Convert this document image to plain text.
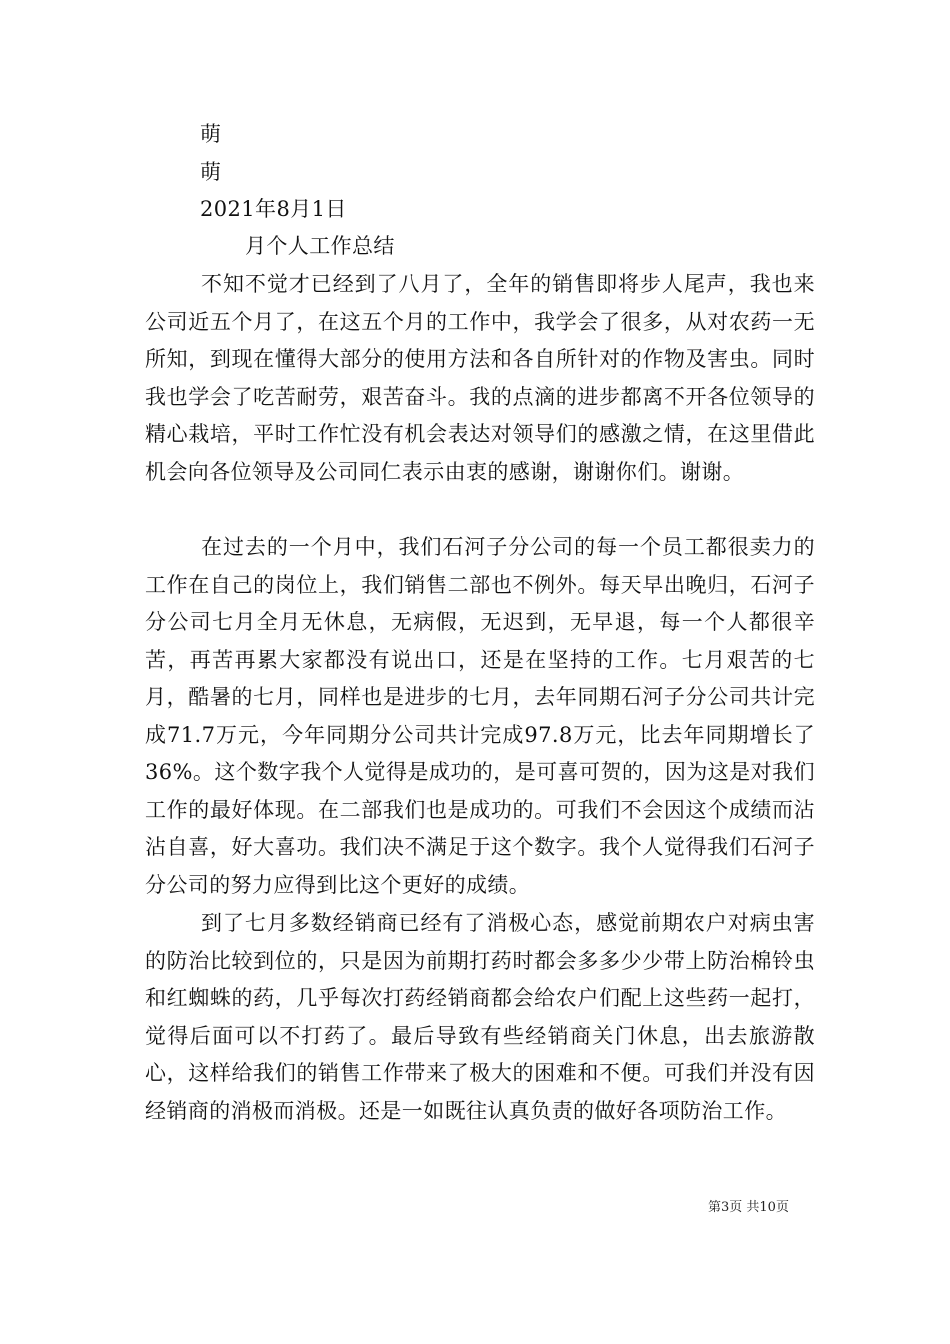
萌
萌
2021年8月1日
月个人工作总结

不知不觉才已经到了八月了，全年的销售即将步人尾声，我也来公司近五个月了，在这五个月的工作中，我学会了很多，从对农药一无所知，到现在懂得大部分的使用方法和各自所针对的作物及害虫。同时我也学会了吃苦耐劳，艰苦奋斗。我的点滴的进步都离不开各位领导的精心栽培，平时工作忙没有机会表达对领导们的感激之情，在这里借此机会向各位领导及公司同仁表示由衷的感谢，谢谢你们。谢谢。

在过去的一个月中，我们石河子分公司的每一个员工都很卖力的工作在自己的岗位上，我们销售二部也不例外。每天早出晚归，石河子分公司七月全月无休息，无病假，无迟到，无早退，每一个人都很辛苦，再苦再累大家都没有说出口，还是在坚持的工作。七月艰苦的七月，酷暑的七月，同样也是进步的七月，去年同期石河子分公司共计完成71.7万元，今年同期分公司共计完成97.8万元，比去年同期增长了36%。这个数字我个人觉得是成功的，是可喜可贺的，因为这是对我们工作的最好体现。在二部我们也是成功的。可我们不会因这个成绩而沾沾自喜，好大喜功。我们决不满足于这个数字。我个人觉得我们石河子分公司的努力应得到比这个更好的成绩。

到了七月多数经销商已经有了消极心态，感觉前期农户对病虫害的防治比较到位的，只是因为前期打药时都会多多少少带上防治棉铃虫和红蜘蛛的药，几乎每次打药经销商都会给农户们配上这些药一起打，觉得后面可以不打药了。最后导致有些经销商关门休息，出去旅游散心，这样给我们的销售工作带来了极大的困难和不便。可我们并没有因经销商的消极而消极。还是一如既往认真负责的做好各项防治工作。

第3页 共10页
